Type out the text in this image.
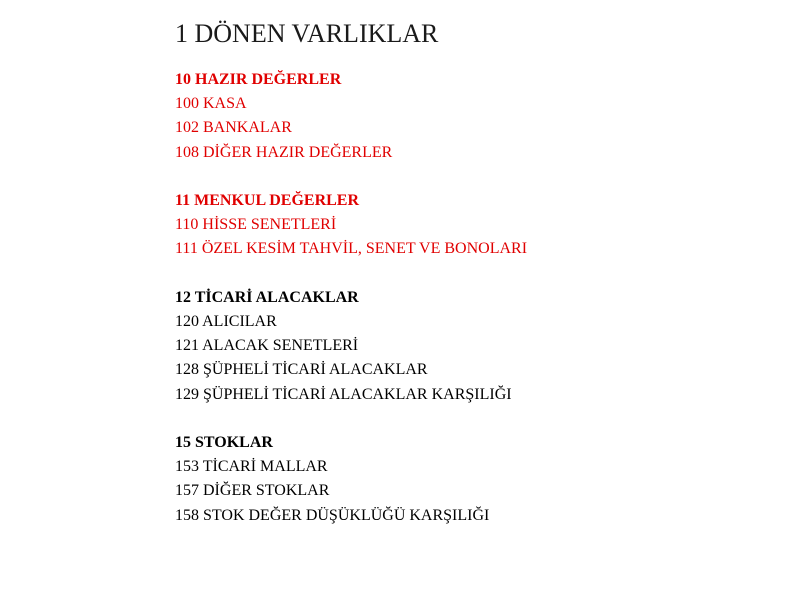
1 DÖNEN VARLIKLAR
10 HAZIR DEĞERLER
100 KASA
102 BANKALAR
108 DİĞER HAZIR DEĞERLER
11 MENKUL DEĞERLER
110 HİSSE SENETLERİ
111 ÖZEL KESİM TAHVİL, SENET VE BONOLARI
12 TİCARİ ALACAKLAR
120 ALICILAR
121 ALACAK SENETLERİ
128 ŞÜPHELİ TİCARİ ALACAKLAR
129 ŞÜPHELİ TİCARİ ALACAKLAR KARŞILIĞI
15 STOKLAR
153 TİCARİ MALLAR
157 DİĞER STOKLAR
158 STOK DEĞER DÜŞÜKLÜĞÜ KARŞILIĞI
